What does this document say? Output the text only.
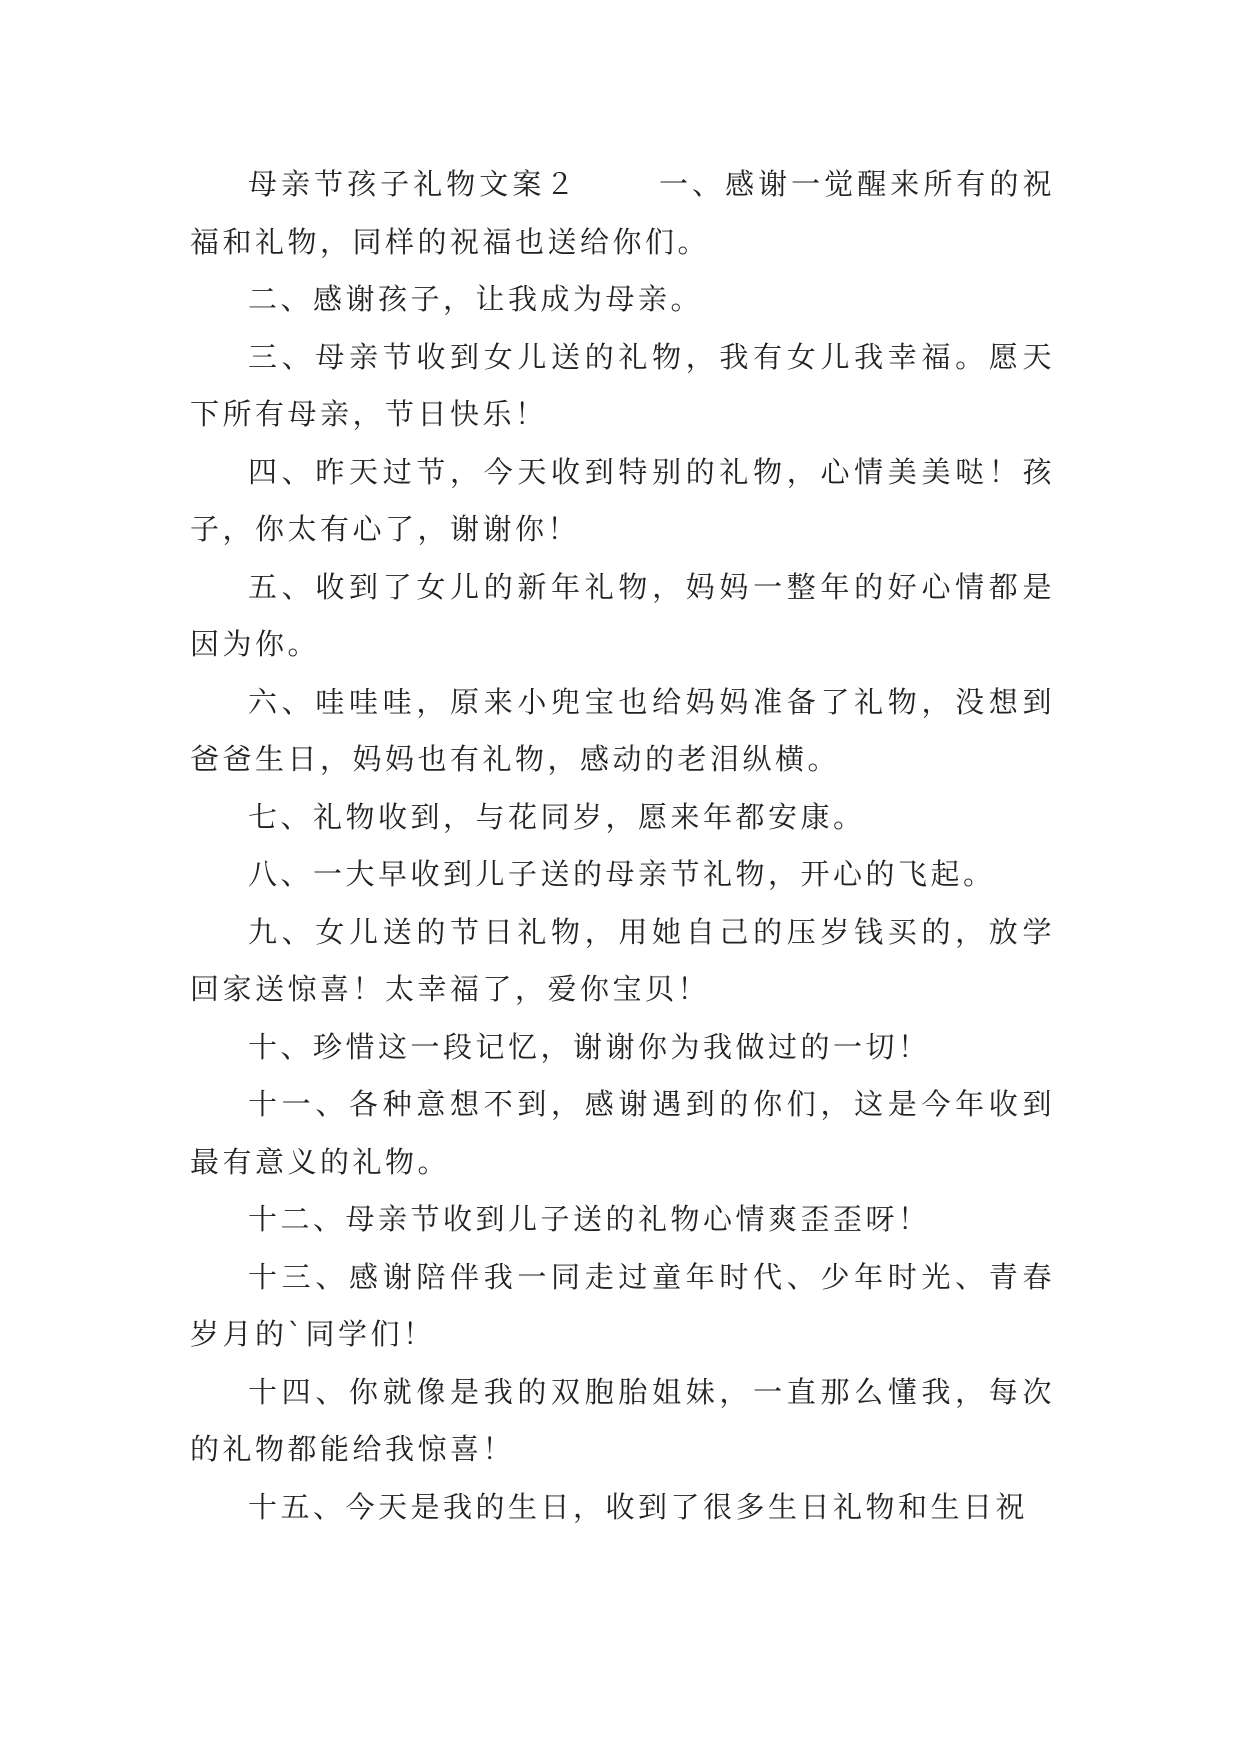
母亲节孩子礼物文案２	一、感谢一觉醒来所有的祝福和礼物，同样的祝福也送给你们。

二、感谢孩子，让我成为母亲。

三、母亲节收到女儿送的礼物，我有女儿我幸福。愿天下所有母亲，节日快乐！

四、昨天过节，今天收到特别的礼物，心情美美哒！孩子，你太有心了，谢谢你！

五、收到了女儿的新年礼物，妈妈一整年的好心情都是因为你。

六、哇哇哇，原来小兜宝也给妈妈准备了礼物，没想到爸爸生日，妈妈也有礼物，感动的老泪纵横。

七、礼物收到，与花同岁，愿来年都安康。

八、一大早收到儿子送的母亲节礼物，开心的飞起。

九、女儿送的节日礼物，用她自己的压岁钱买的，放学回家送惊喜！太幸福了，爱你宝贝！

十、珍惜这一段记忆，谢谢你为我做过的一切！

十一、各种意想不到，感谢遇到的你们，这是今年收到最有意义的礼物。

十二、母亲节收到儿子送的礼物心情爽歪歪呀！

十三、感谢陪伴我一同走过童年时代、少年时光、青春岁月的`同学们！

十四、你就像是我的双胞胎姐妹，一直那么懂我，每次的礼物都能给我惊喜！

十五、今天是我的生日，收到了很多生日礼物和生日祝
